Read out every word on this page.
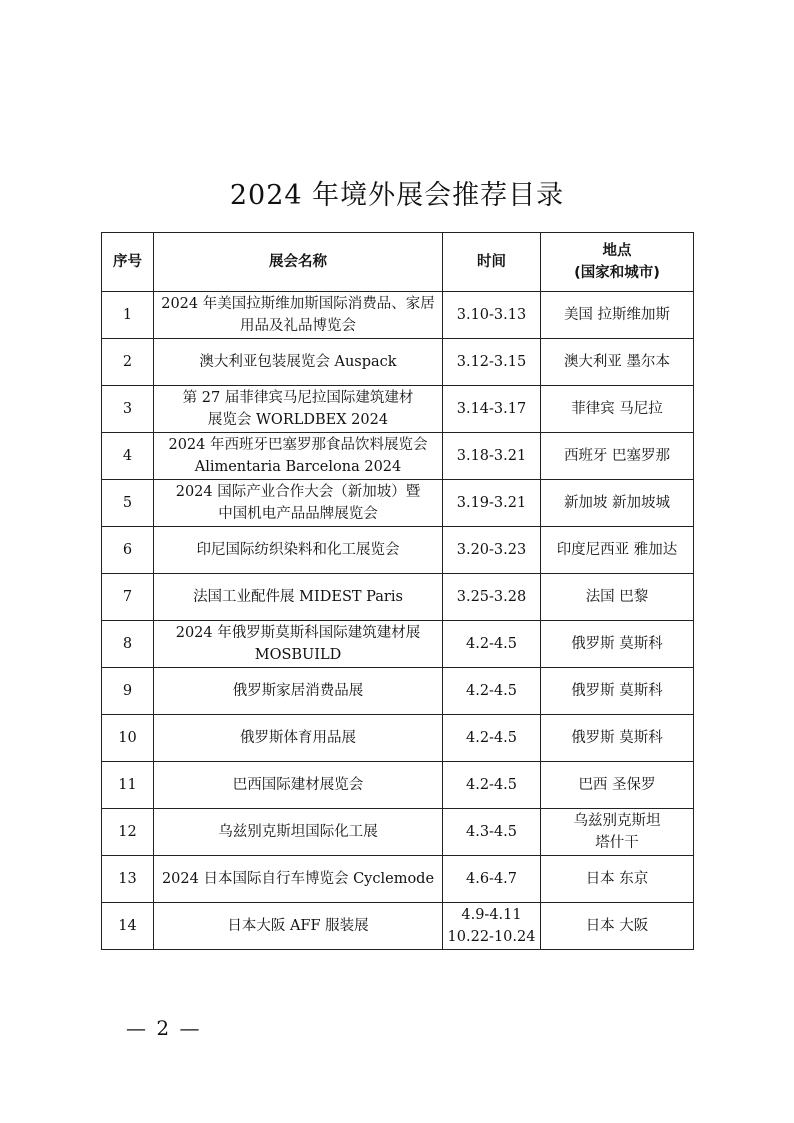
2024 年境外展会推荐目录
序号	展会名称	时间	地点
(国家和城市)

1	2024 年美国拉斯维加斯国际消费品、家居
用品及礼品博览会	3.10-3.13	美国 拉斯维加斯

2	澳大利亚包装展览会 Auspack	3.12-3.15	澳大利亚 墨尔本

3	第 27 届菲律宾马尼拉国际建筑建材
展览会 WORLDBEX 2024	3.14-3.17	菲律宾 马尼拉

4	2024 年西班牙巴塞罗那食品饮料展览会
Alimentaria Barcelona 2024	3.18-3.21	西班牙 巴塞罗那

5	2024 国际产业合作大会（新加坡）暨
中国机电产品品牌展览会	3.19-3.21	新加坡 新加坡城

6	印尼国际纺织染料和化工展览会	3.20-3.23	印度尼西亚 雅加达

7	法国工业配件展 MIDEST Paris	3.25-3.28	法国 巴黎

8	2024 年俄罗斯莫斯科国际建筑建材展
MOSBUILD	4.2-4.5	俄罗斯 莫斯科

9	俄罗斯家居消费品展	4.2-4.5	俄罗斯 莫斯科

10	俄罗斯体育用品展	4.2-4.5	俄罗斯 莫斯科

11	巴西国际建材展览会	4.2-4.5	巴西 圣保罗

12	乌兹别克斯坦国际化工展	4.3-4.5	乌兹别克斯坦
塔什干

13	2024 日本国际自行车博览会 Cyclemode	4.6-4.7	日本 东京

14	日本大阪 AFF 服装展	4.9-4.11
10.22-10.24	日本 大阪
— 2 —
